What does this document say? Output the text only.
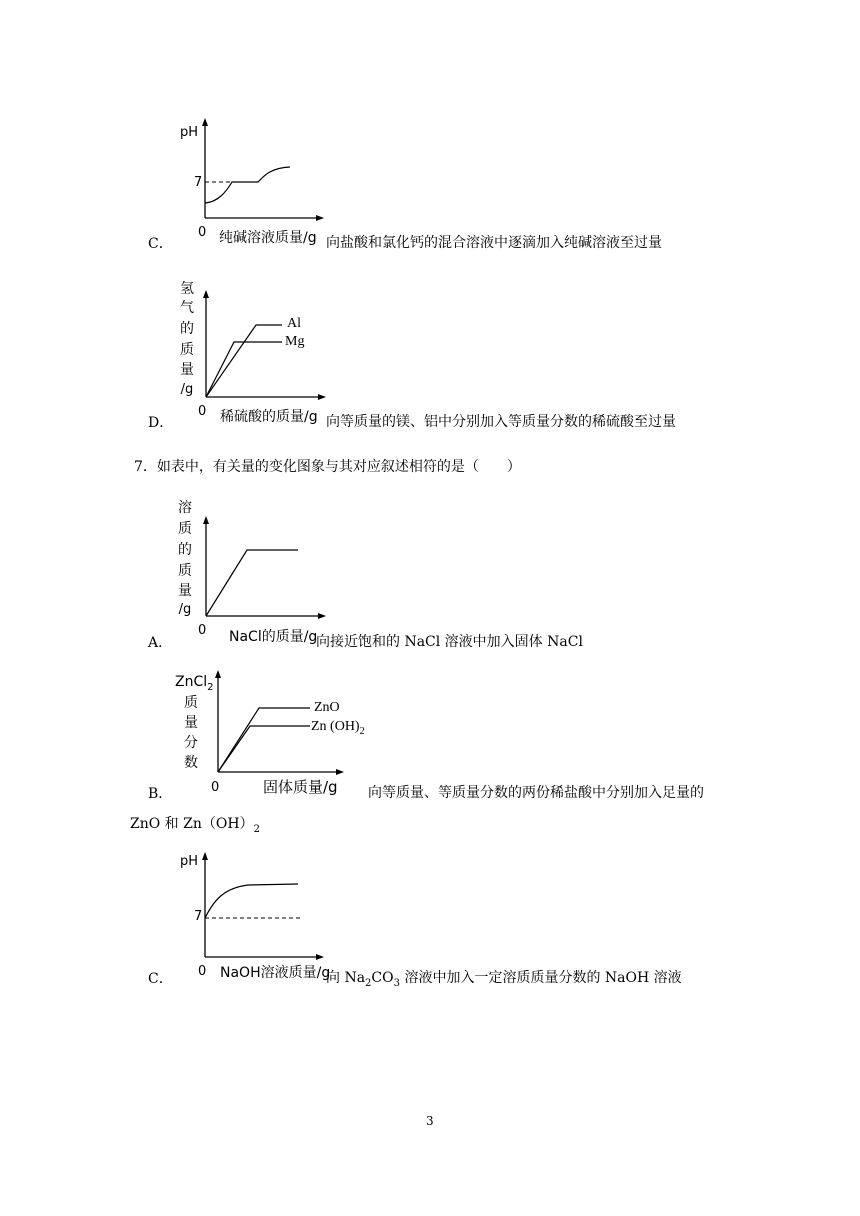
pH
7
0 纯碱溶液质量/g
C．	向盐酸和氯化钙的混合溶液中逐滴加入纯碱溶液至过量
氢
气
的
质
量
/g
Al
Mg
0 稀硫酸的质量/g
D．	向等质量的镁、铝中分别加入等质量分数的稀硫酸至过量
7．如表中，有关量的变化图象与其对应叙述相符的是（　　）
溶
质
的
质
量
/g
0 NaCl的质量/g
A．	向接近饱和的 NaCl 溶液中加入固体 NaCl
ZnCl$_2$
质
量
分
数
ZnO
Zn $(OH)_2$
0	固体质量/g
B．	向等质量、等质量分数的两份稀盐酸中分别加入足量的
ZnO 和 $Zn(OH)_2$
pH
7
0 NaOH溶液质量/g
C．	向 $Na_2CO_3$ 溶液中加入一定溶质质量分数的 NaOH 溶液
3
